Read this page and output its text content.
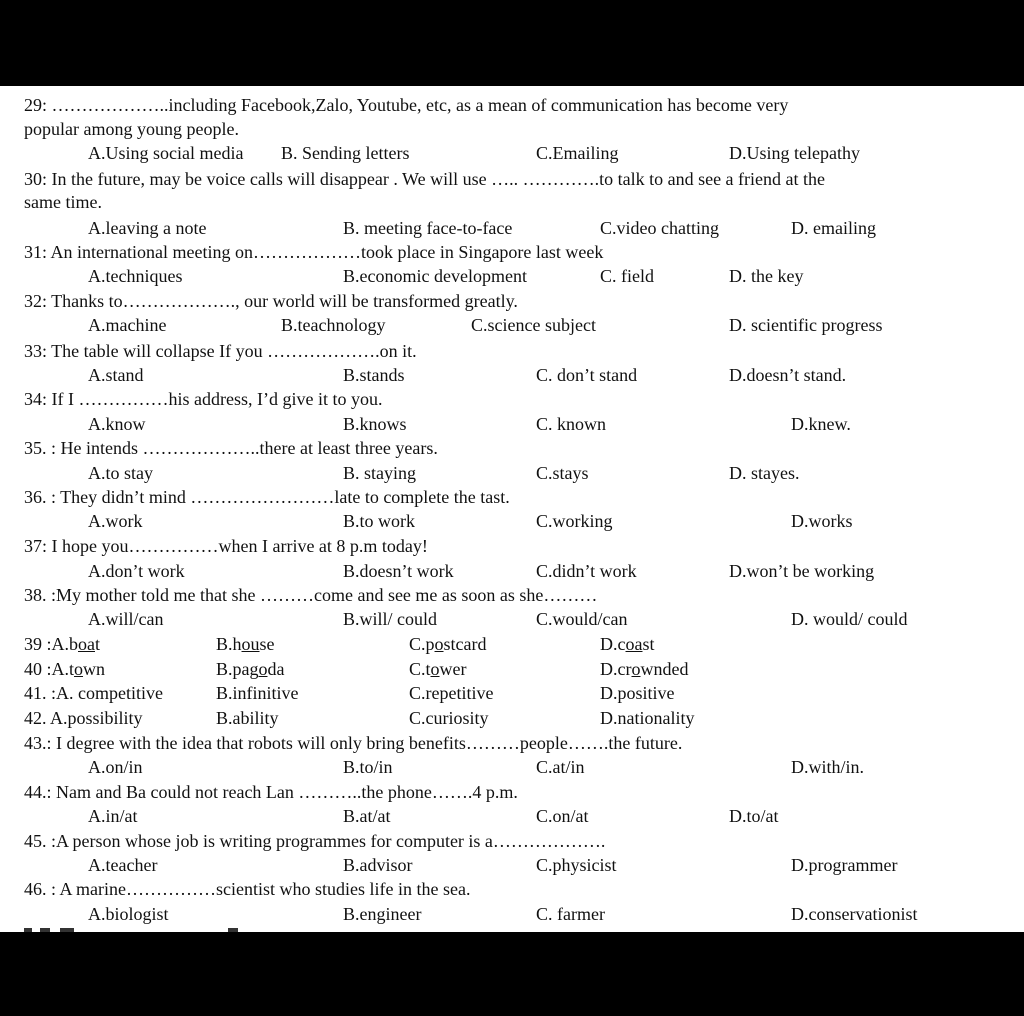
29: ………………..including Facebook,Zalo, Youtube, etc, as a mean of communication has become very
popular among young people.
A.Using social media B. Sending letters	C.Emailing	D.Using telepathy
30: In the future, may be voice calls will disappear . We will use ….. ………….to talk to and see a friend at the
same time.
A.leaving a note	B. meeting face-to-face	C.video chatting	D. emailing
31: An international meeting on………………took place in Singapore last week
A.techniques	B.economic development	C. field	D. the key
32: Thanks to………………., our world will be transformed greatly.
A.machine	B.teachnology	C.science subject	D. scientific progress
33: The table will collapse If you ……………….on it.
A.stand	B.stands	C. don’t stand	D.doesn’t stand.
34: If I ……………his address, I’d give it to you.
A.know	B.knows	C. known	D.knew.
35. : He intends ………………..there at least three years.
A.to stay	B. staying	C.stays	D. stayes.
36. : They didn’t mind ……………………late to complete the tast.
A.work	B.to work	C.working	D.works
37: I hope you……………when I arrive at 8 p.m today!
A.don’t work	B.doesn’t work	C.didn’t work	D.won’t be working
38. :My mother told me that she ………come and see me as soon as she………
A.will/can	B.will/ could	C.would/can	D. would/ could
39 :A.boat	B.house	C.postcard	D.coast
40 :A.town	B.pagoda	C.tower	D.crownded
41. :A. competitive	B.infinitive	C.repetitive	D.positive
42. A.possibility	B.ability	C.curiosity	D.nationality
43.: I degree with the idea that robots will only bring benefits………people…….the future.
A.on/in	B.to/in	C.at/in	D.with/in.
44.: Nam and Ba could not reach Lan ………..the phone…….4 p.m.
A.in/at	B.at/at	C.on/at	D.to/at
45. :A person whose job is writing programmes for computer is a……………….
A.teacher	B.advisor	C.physicist	D.programmer
46. : A marine……………scientist who studies life in the sea.
A.biologist	B.engineer	C. farmer	D.conservationist
